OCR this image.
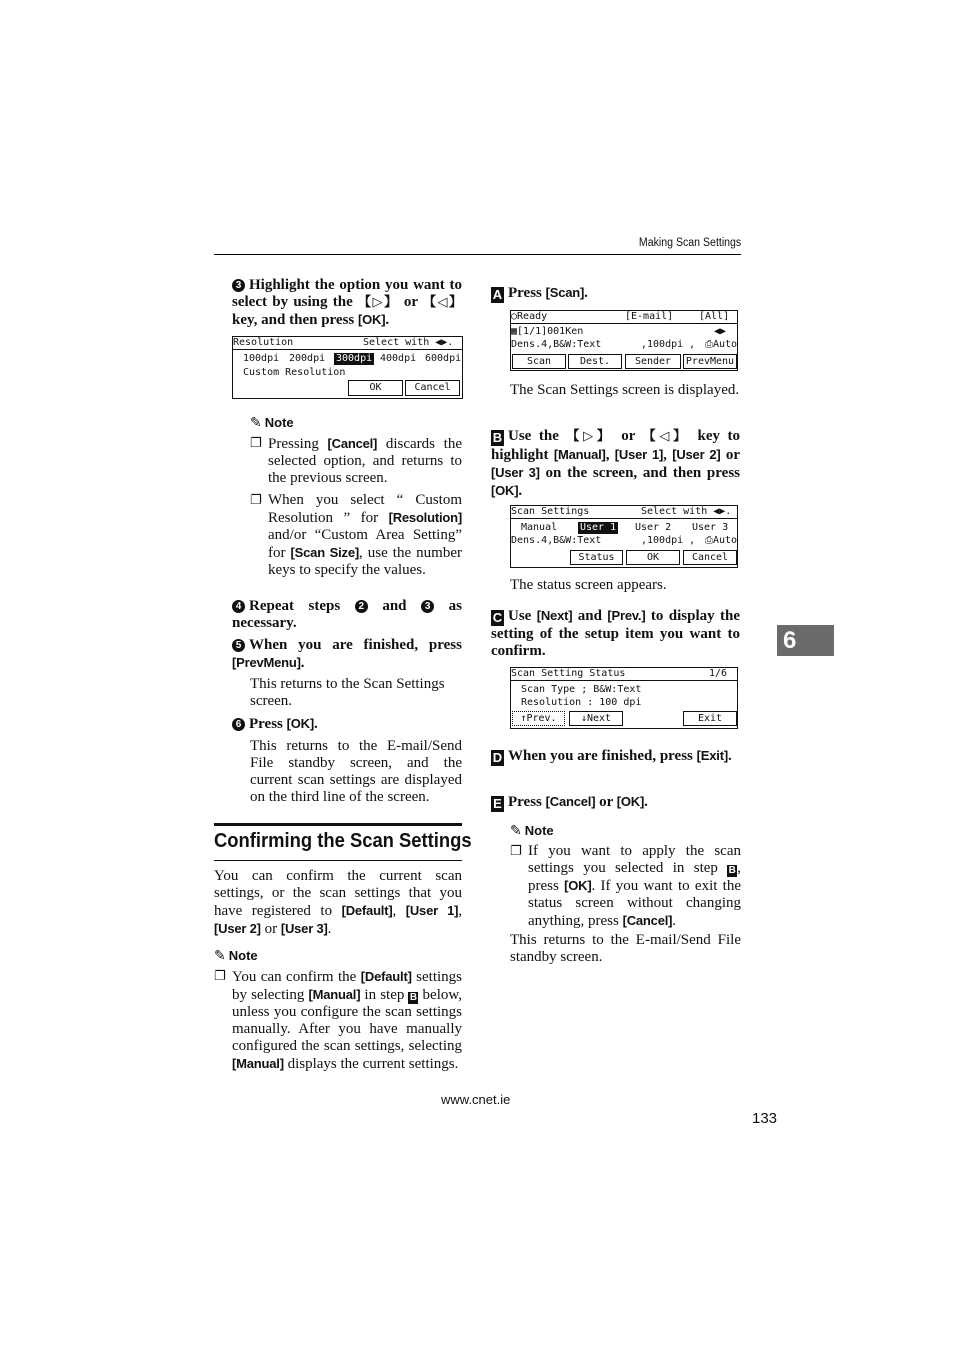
Making Scan Settings
6
3 Highlight the option you want to select by using the 【▷】 or 【◁】 key, and then press [OK].
Resolution	Select with ◀▶.
100dpi 200dpi 300dpi 400dpi 600dpi
Custom Resolution
OK	Cancel
✎ Note
❐ Pressing [Cancel] discards the selected option, and returns to the previous screen.
❐ When you select “ Custom Resolution ” for [Resolution] and/or “Custom Area Setting” for [Scan Size], use the number keys to specify the values.
4 Repeat steps 2 and 3 as necessary.
5 When you are finished, press [PrevMenu].
This returns to the Scan Settings screen.
6 Press [OK].
This returns to the E-mail/Send File standby screen, and the current scan settings are displayed on the third line of the screen.
Confirming the Scan Settings
You can confirm the current scan settings, or the scan settings that you have registered to [Default], [User 1], [User 2] or [User 3].
✎ Note
❐ You can confirm the [Default] settings by selecting [Manual] in step B below, unless you configure the scan settings manually. After you have manually configured the scan settings, selecting [Manual] displays the current settings.
A Press [Scan].
○Ready	[E-mail]	[All]
▦[1/1]001Ken	◀▶
Dens.4,B&W:Text	,100dpi , ⎙Auto
Scan	Dest.	Sender	PrevMenu
The Scan Settings screen is displayed.
B Use the 【▷】 or 【◁】 key to highlight [Manual], [User 1], [User 2] or [User 3] on the screen, and then press [OK].
Scan Settings	Select with ◀▶.
Manual User 1 User 2 User 3
Dens.4,B&W:Text	,100dpi , ⎙Auto
Status	OK	Cancel
The status screen appears.
C Use [Next] and [Prev.] to display the setting of the setup item you want to confirm.
Scan Setting Status	1/6
Scan Type ; B&W:Text
Resolution : 100 dpi
↑Prev.	↓Next	Exit
D When you are finished, press [Exit].
E Press [Cancel] or [OK].
✎ Note
❐ If you want to apply the scan settings you selected in step B, press [OK]. If you want to exit the status screen without changing anything, press [Cancel].
This returns to the E-mail/Send File standby screen.
www.cnet.ie
133
